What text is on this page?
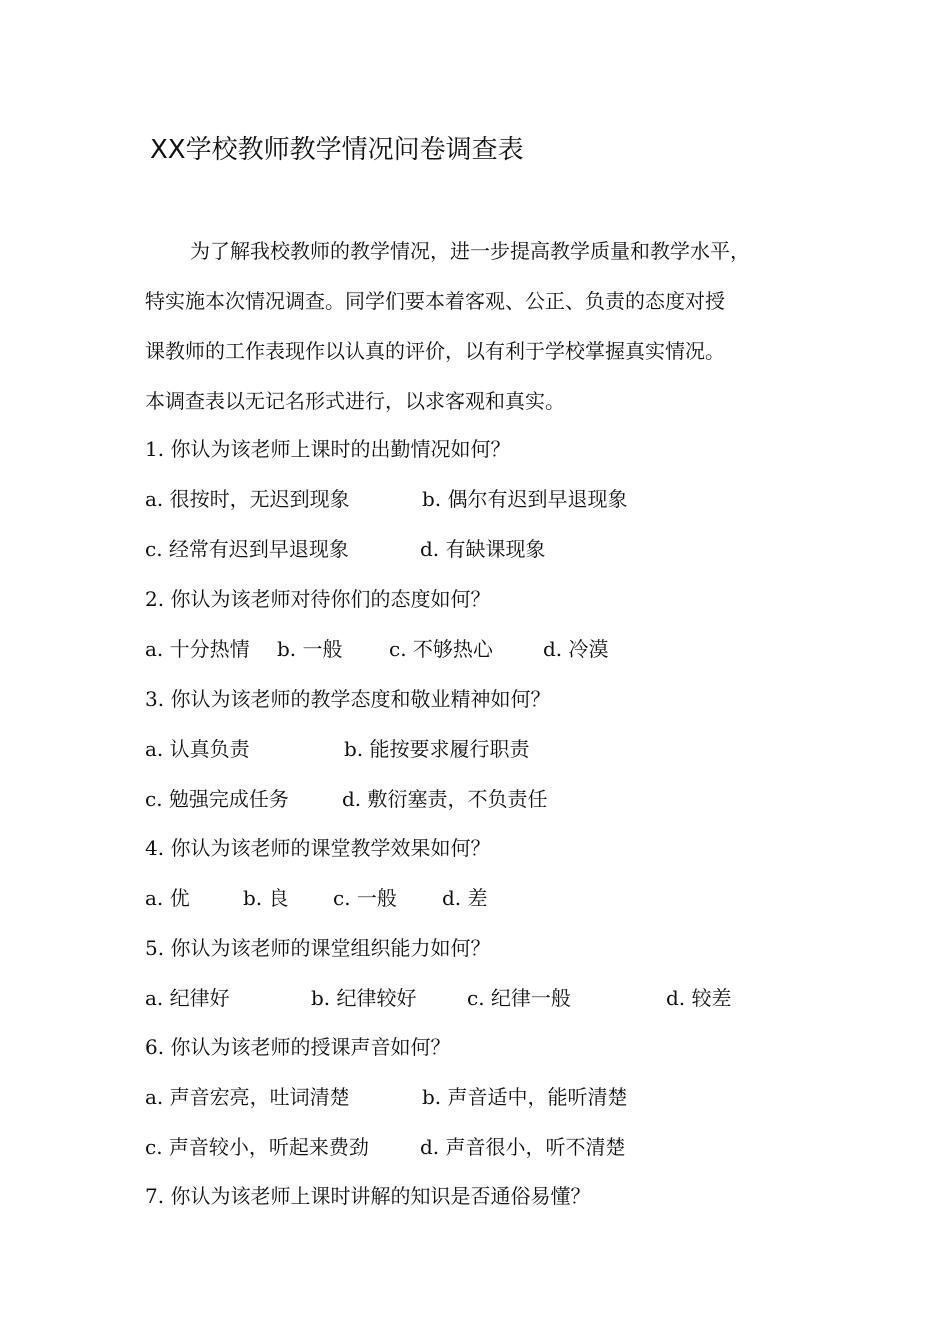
XX学校教师教学情况问卷调查表
为了解我校教师的教学情况，进一步提高教学质量和教学水平，
特实施本次情况调查。同学们要本着客观、公正、负责的态度对授
课教师的工作表现作以认真的评价，以有利于学校掌握真实情况。
本调查表以无记名形式进行，以求客观和真实。
1. 你认为该老师上课时的出勤情况如何？
a. 很按时，无迟到现象	b. 偶尔有迟到早退现象
c. 经常有迟到早退现象	d. 有缺课现象
2. 你认为该老师对待你们的态度如何？
a. 十分热情 b. 一般 c. 不够热心	d. 冷漠
3. 你认为该老师的教学态度和敬业精神如何？
a. 认真负责	b. 能按要求履行职责
c. 勉强完成任务	d. 敷衍塞责，不负责任
4. 你认为该老师的课堂教学效果如何？
a. 优	b. 良 c. 一般 d. 差
5. 你认为该老师的课堂组织能力如何？
a. 纪律好	b. 纪律较好	c. 纪律一般	d. 较差
6. 你认为该老师的授课声音如何？
a. 声音宏亮，吐词清楚	b. 声音适中，能听清楚
c. 声音较小，听起来费劲	d. 声音很小，听不清楚
7. 你认为该老师上课时讲解的知识是否通俗易懂？
